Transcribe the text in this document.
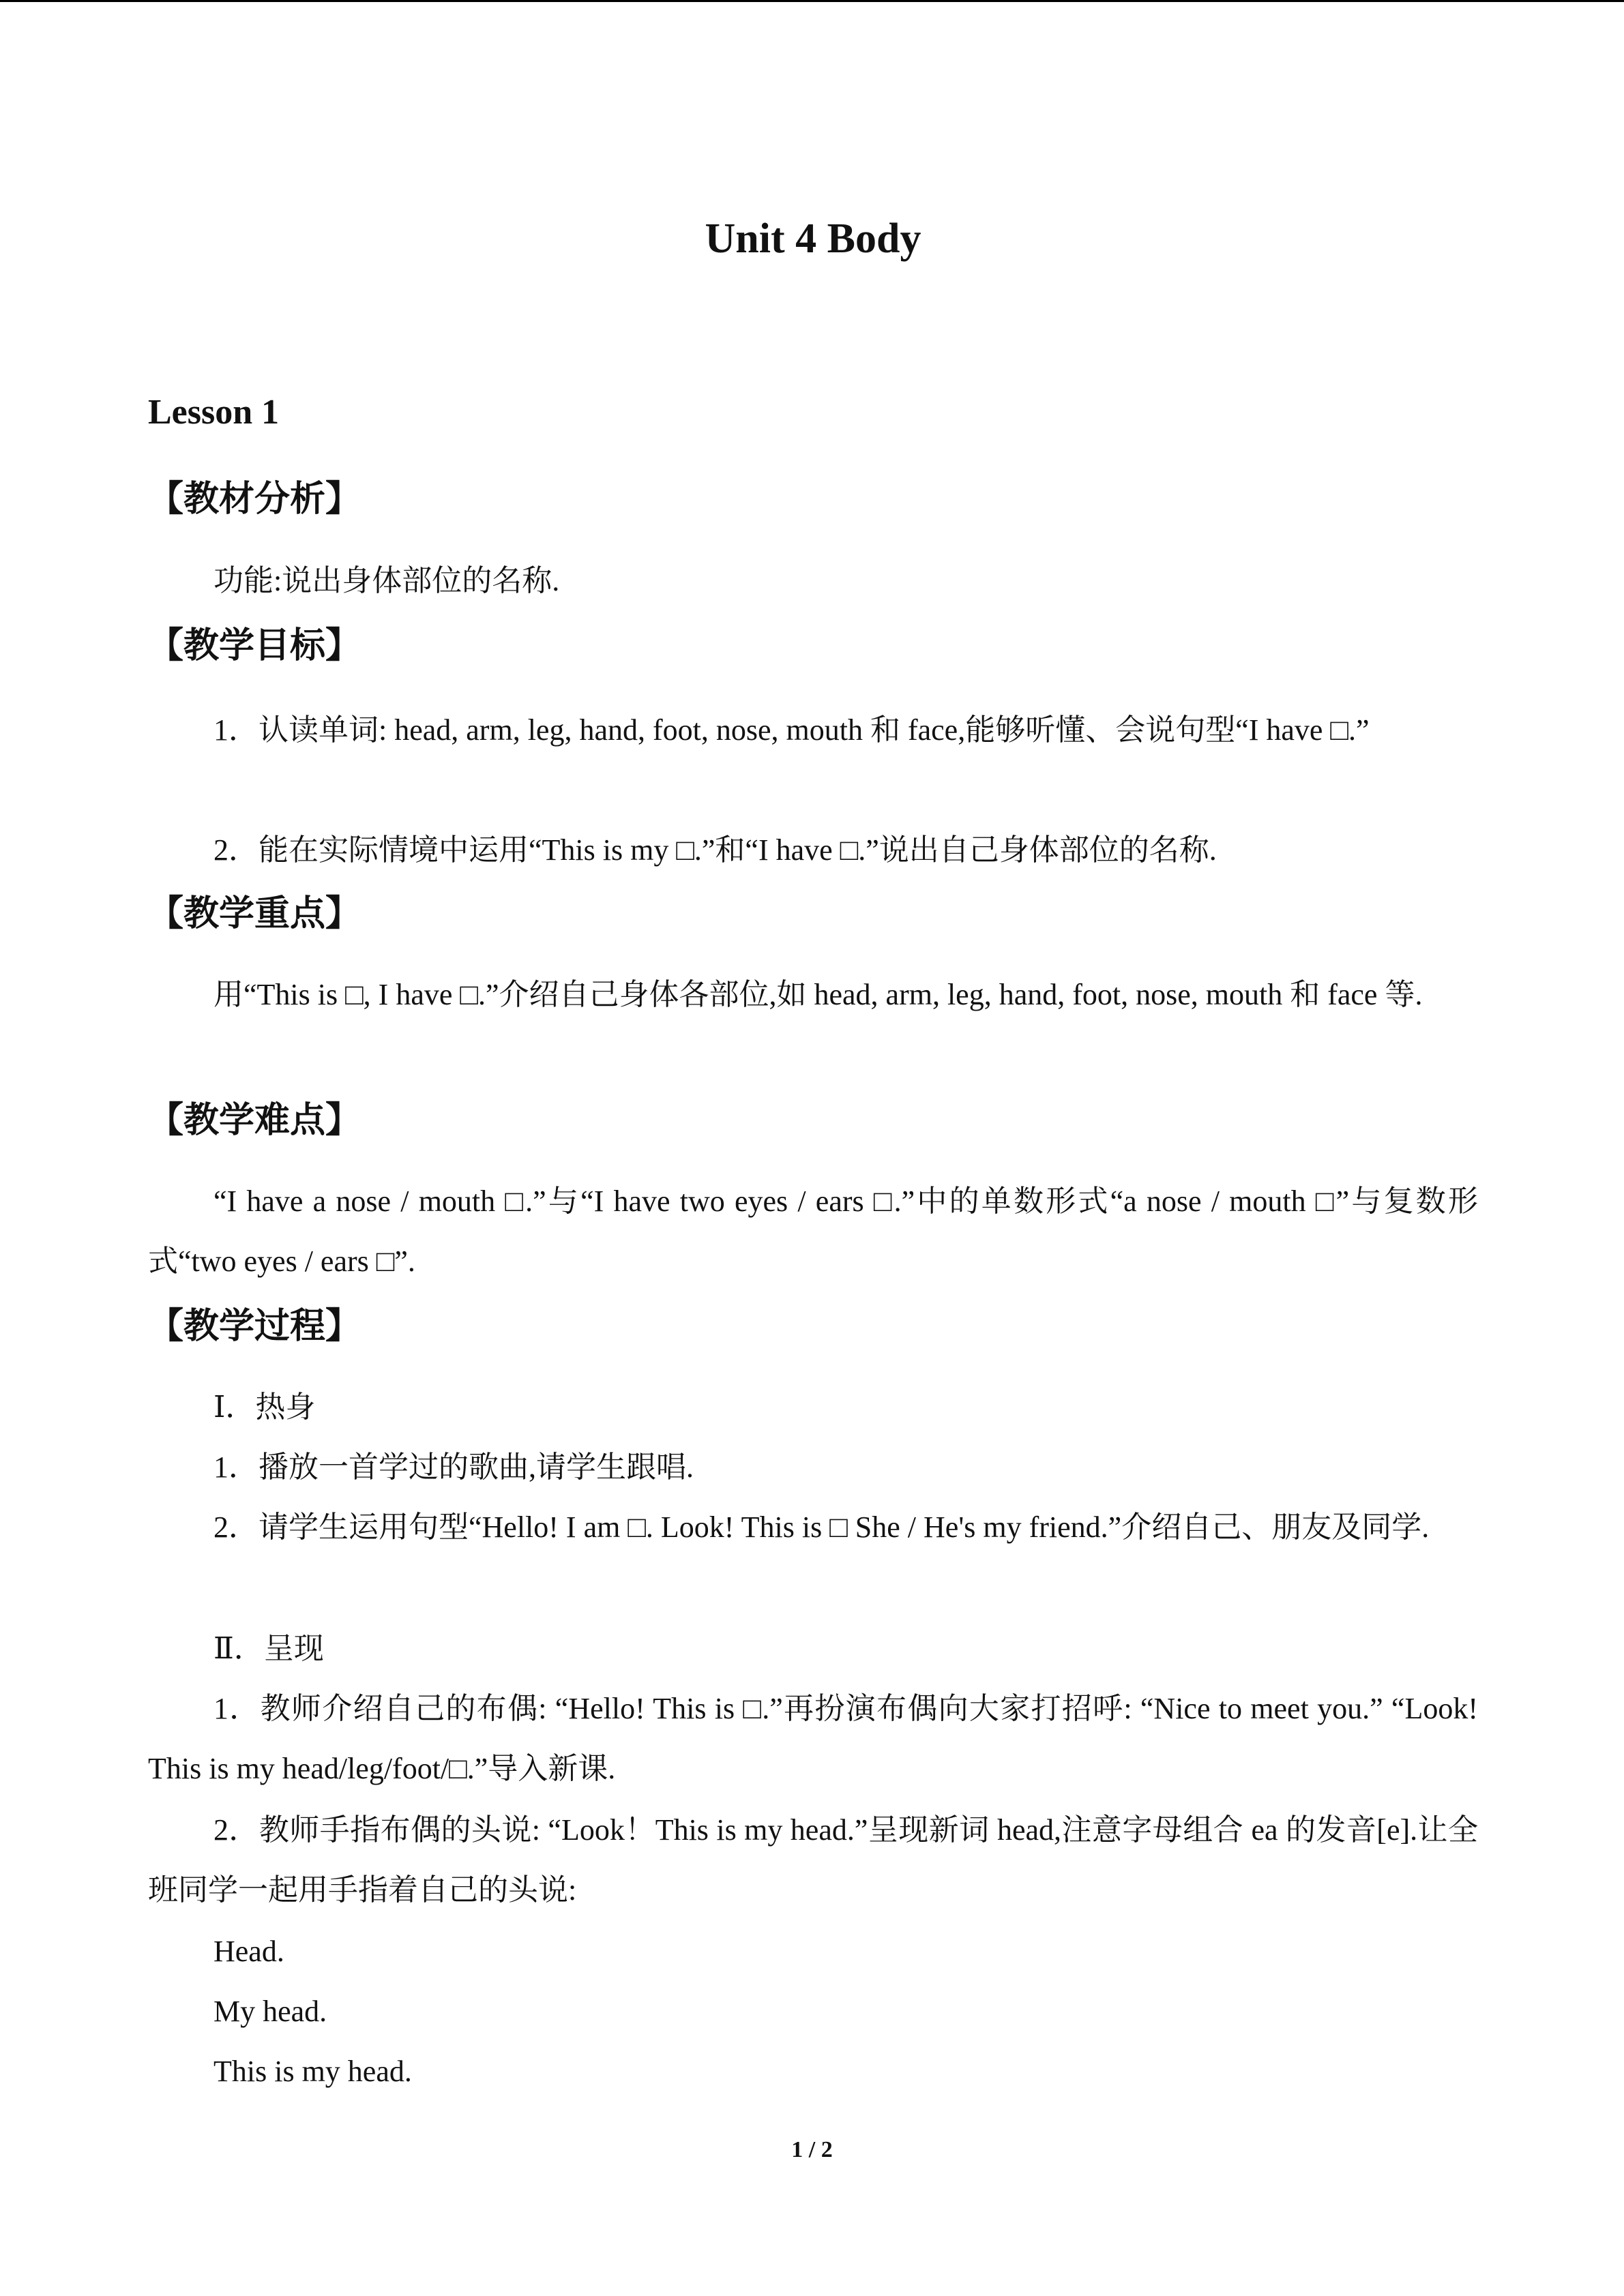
Unit 4 Body
Lesson 1
【教材分析】
功能:说出身体部位的名称.
【教学目标】
1．认读单词: head, arm, leg, hand, foot, nose, mouth 和 face,能够听懂、会说句型“I have □.”
2．能在实际情境中运用“This is my □.”和“I have □.”说出自己身体部位的名称.
【教学重点】
用“This is □, I have □.”介绍自己身体各部位,如 head, arm, leg, hand, foot, nose, mouth 和 face 等.
【教学难点】
“I have a nose / mouth □.”与“I have two eyes / ears □.”中的单数形式“a nose / mouth □”与复数形式“two eyes / ears □”.
【教学过程】
Ⅰ．热身
1．播放一首学过的歌曲,请学生跟唱.
2．请学生运用句型“Hello! I am □. Look! This is □ She / He's my friend.”介绍自己、朋友及同学.
Ⅱ．呈现
1．教师介绍自己的布偶: “Hello! This is □.”再扮演布偶向大家打招呼: “Nice to meet you.” “Look! This is my head/leg/foot/□.”导入新课.
2．教师手指布偶的头说: “Look！This is my head.”呈现新词 head,注意字母组合 ea 的发音[e].让全班同学一起用手指着自己的头说:
Head.
My head.
This is my head.
1 / 2
